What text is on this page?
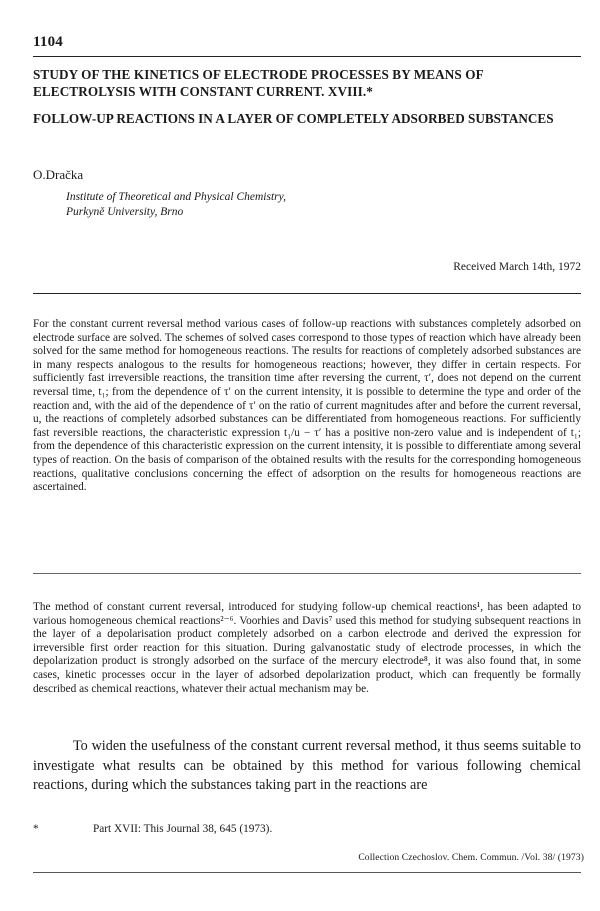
1104
STUDY OF THE KINETICS OF ELECTRODE PROCESSES BY MEANS OF ELECTROLYSIS WITH CONSTANT CURRENT. XVIII.*
FOLLOW-UP REACTIONS IN A LAYER OF COMPLETELY ADSORBED SUBSTANCES
O.Dračka
Institute of Theoretical and Physical Chemistry,
Purkyně University, Brno
Received March 14th, 1972

For the constant current reversal method various cases of follow-up reactions with substances completely adsorbed on electrode surface are solved. The schemes of solved cases correspond to those types of reaction which have already been solved for the same method for homogeneous reactions. The results for reactions of completely adsorbed substances are in many respects analogous to the results for homogeneous reactions; however, they differ in certain respects. For sufficiently fast irreversible reactions, the transition time after reversing the current, τ′, does not depend on the current reversal time, t₁; from the dependence of τ′ on the current intensity, it is possible to determine the type and order of the reaction and, with the aid of the dependence of τ′ on the ratio of current magnitudes after and before the current reversal, u, the reactions of completely adsorbed substances can be differentiated from homogeneous reactions. For sufficiently fast reversible reactions, the characteristic expression t₁/u − τ′ has a positive non-zero value and is independent of t₁; from the dependence of this characteristic expression on the current intensity, it is possible to differentiate among several types of reaction. On the basis of comparison of the obtained results with the results for the corresponding homogeneous reactions, qualitative conclusions concerning the effect of adsorption on the results for homogeneous reactions are ascertained.

The method of constant current reversal, introduced for studying follow-up chemical reactions¹, has been adapted to various homogeneous chemical reactions²⁻⁶. Voorhies and Davis⁷ used this method for studying subsequent reactions in the layer of a depolarisation product completely adsorbed on a carbon electrode and derived the expression for irreversible first order reaction for this situation. During galvanostatic study of electrode processes, in which the depolarization product is strongly adsorbed on the surface of the mercury electrode⁸, it was also found that, in some cases, kinetic processes occur in the layer of adsorbed depolarization product, which can frequently be formally described as chemical reactions, whatever their actual mechanism may be.

To widen the usefulness of the constant current reversal method, it thus seems suitable to investigate what results can be obtained by this method for various following chemical reactions, during which the substances taking part in the reactions are

*	Part XVII: This Journal 38, 645 (1973).
Collection Czechoslov. Chem. Commun. /Vol. 38/ (1973)
